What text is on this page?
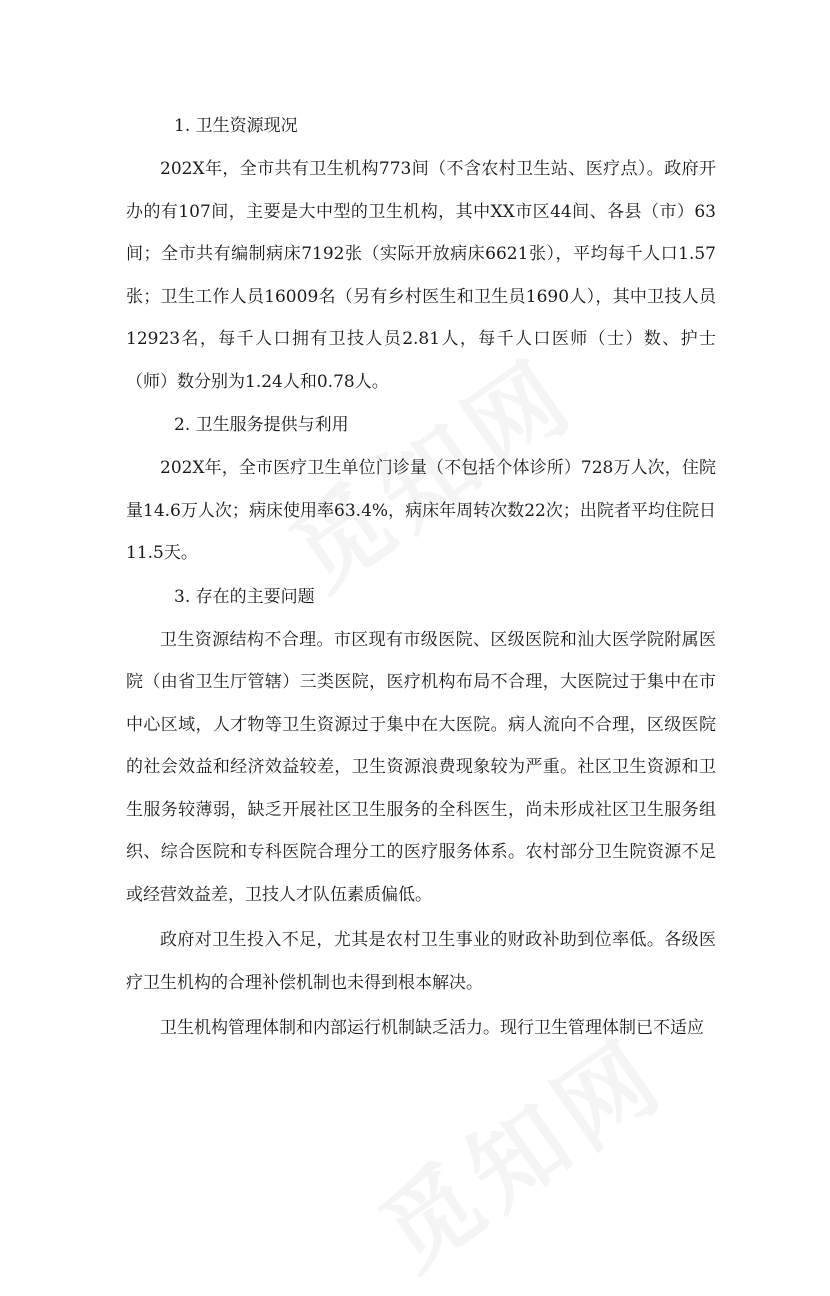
1. 卫生资源现况

202X年，全市共有卫生机构773间（不含农村卫生站、医疗点）。政府开办的有107间，主要是大中型的卫生机构，其中XX市区44间、各县（市）63间；全市共有编制病床7192张（实际开放病床6621张），平均每千人口1.57张；卫生工作人员16009名（另有乡村医生和卫生员1690人），其中卫技人员12923名，每千人口拥有卫技人员2.81人，每千人口医师（士）数、护士（师）数分别为1.24人和0.78人。

2. 卫生服务提供与利用

202X年，全市医疗卫生单位门诊量（不包括个体诊所）728万人次，住院量14.6万人次；病床使用率63.4%，病床年周转次数22次；出院者平均住院日11.5天。

3. 存在的主要问题

卫生资源结构不合理。市区现有市级医院、区级医院和汕大医学院附属医院（由省卫生厅管辖）三类医院，医疗机构布局不合理，大医院过于集中在市中心区域，人才物等卫生资源过于集中在大医院。病人流向不合理，区级医院的社会效益和经济效益较差，卫生资源浪费现象较为严重。社区卫生资源和卫生服务较薄弱，缺乏开展社区卫生服务的全科医生，尚未形成社区卫生服务组织、综合医院和专科医院合理分工的医疗服务体系。农村部分卫生院资源不足或经营效益差，卫技人才队伍素质偏低。

政府对卫生投入不足，尤其是农村卫生事业的财政补助到位率低。各级医疗卫生机构的合理补偿机制也未得到根本解决。

卫生机构管理体制和内部运行机制缺乏活力。现行卫生管理体制已不适应
